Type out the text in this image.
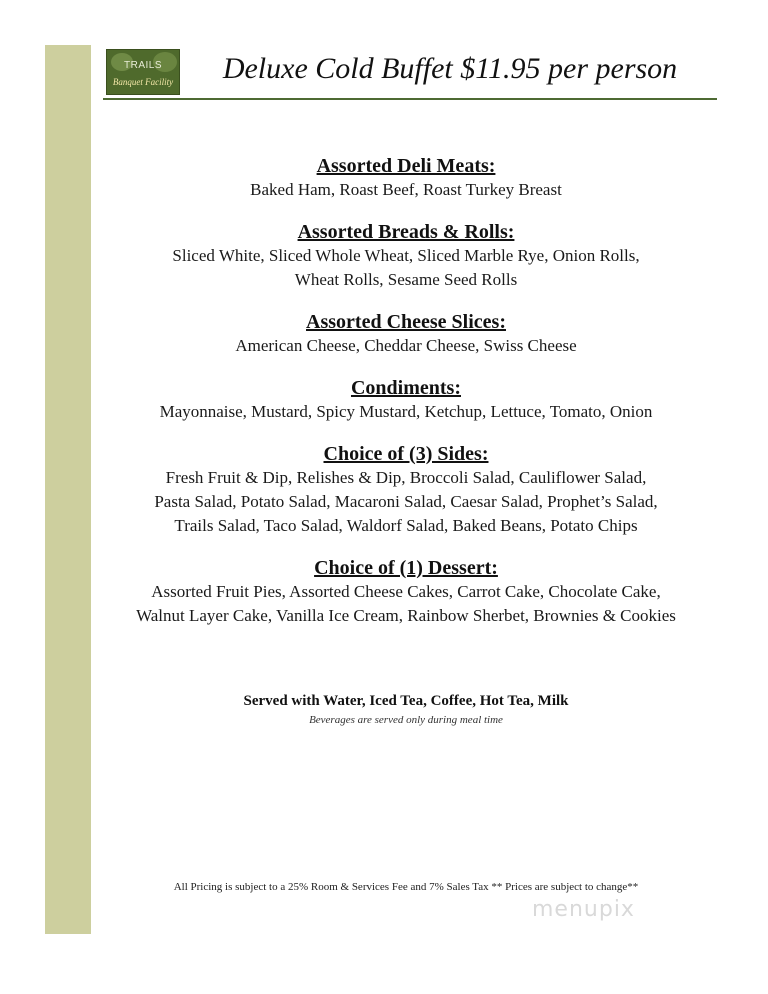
TRAILS
Banquet Facility	Deluxe Cold Buffet $11.95 per person
Assorted Deli Meats:
Baked Ham, Roast Beef, Roast Turkey Breast
Assorted Breads & Rolls:
Sliced White, Sliced Whole Wheat, Sliced Marble Rye, Onion Rolls,
Wheat Rolls, Sesame Seed Rolls
Assorted Cheese Slices:
American Cheese, Cheddar Cheese, Swiss Cheese
Condiments:
Mayonnaise, Mustard, Spicy Mustard, Ketchup, Lettuce, Tomato, Onion
Choice of (3) Sides:
Fresh Fruit & Dip, Relishes & Dip, Broccoli Salad, Cauliflower Salad,
Pasta Salad, Potato Salad, Macaroni Salad, Caesar Salad, Prophet’s Salad,
Trails Salad, Taco Salad, Waldorf Salad, Baked Beans, Potato Chips
Choice of (1) Dessert:
Assorted Fruit Pies, Assorted Cheese Cakes, Carrot Cake, Chocolate Cake,
Walnut Layer Cake, Vanilla Ice Cream, Rainbow Sherbet, Brownies & Cookies
Served with Water, Iced Tea, Coffee, Hot Tea, Milk
Beverages are served only during meal time
All Pricing is subject to a 25% Room & Services Fee and 7% Sales Tax ** Prices are subject to change**
menupix
